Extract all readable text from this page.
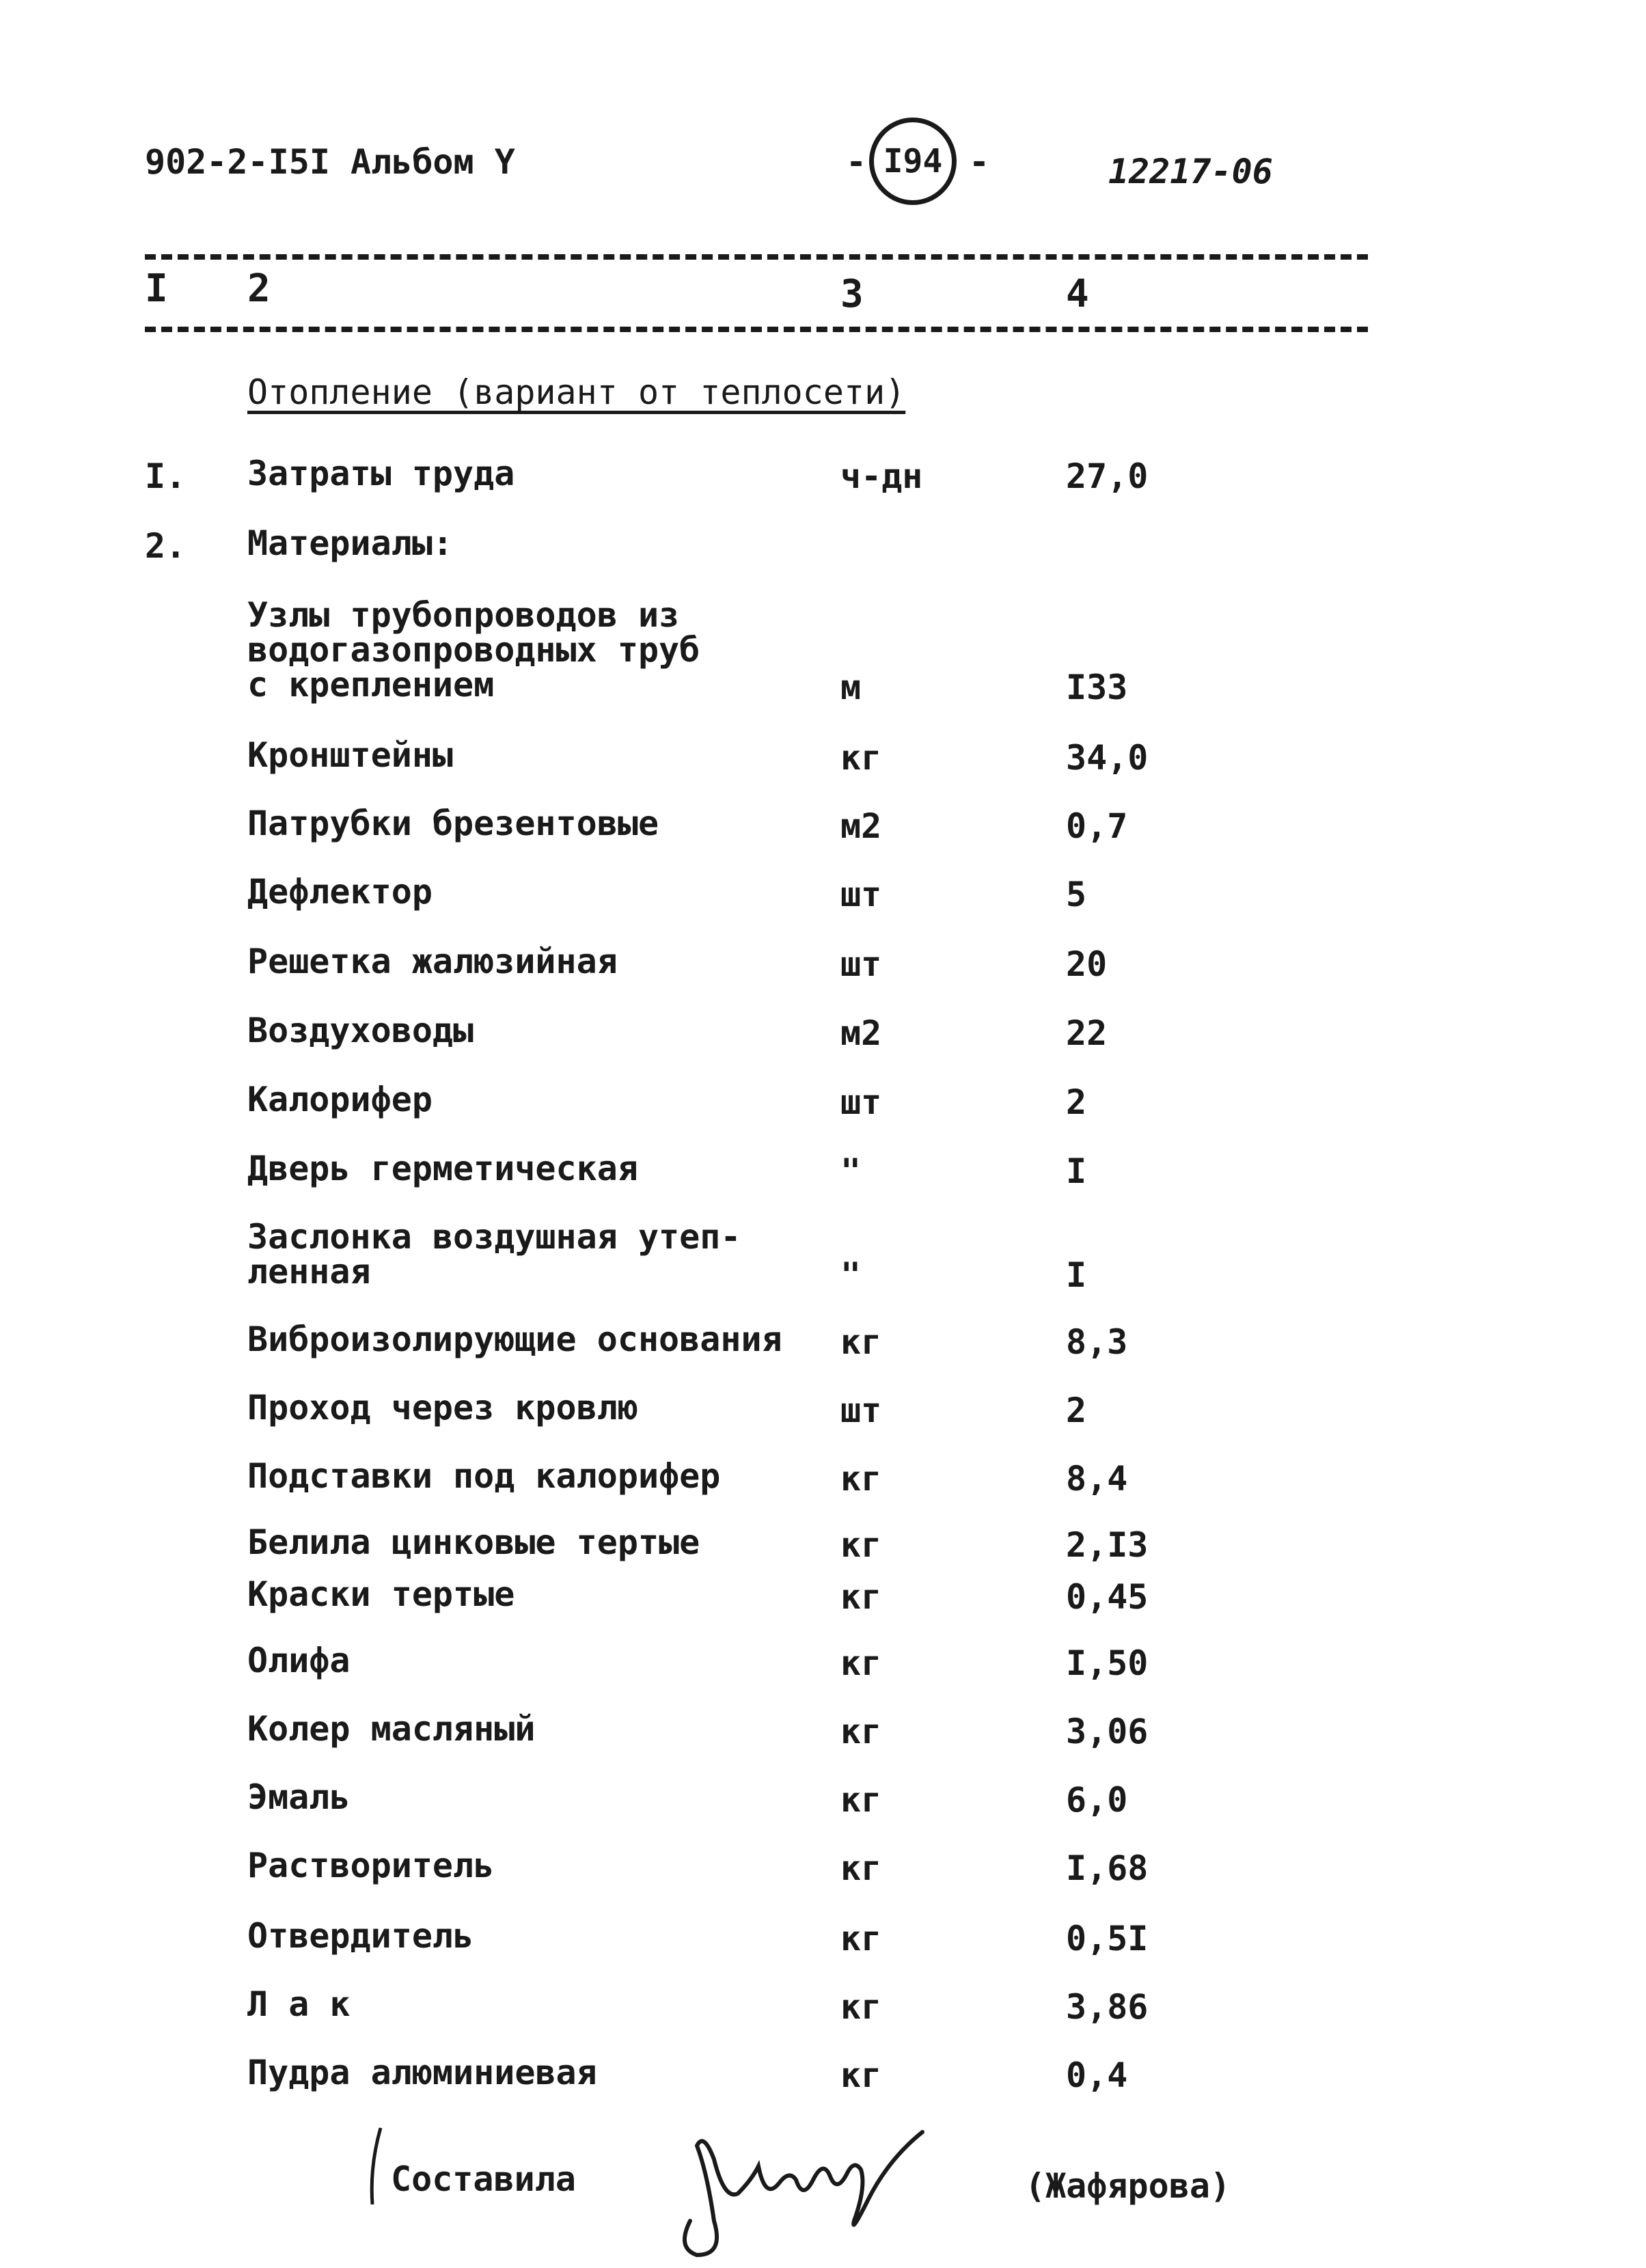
902-2-I5I Альбом Y	- I94 -	12217-06
I 2	3	4
Отопление (вариант от теплосети)
I. Затраты труда	ч-дн	27,0
2. Материалы:
Узлы трубопроводов из
водогазопроводных труб
с креплением	м	I33
Кронштейны	кг	34,0
Патрубки брезентовые	м2	0,7
Дефлектор	шт	5
Решетка жалюзийная	шт	20
Воздуховоды	м2	22
Калорифер	шт	2
Дверь герметическая	"	I
Заслонка воздушная утеп-
ленная	"	I
Виброизолирующие основания	кг	8,3
Проход через кровлю	шт	2
Подставки под калорифер	кг	8,4
Белила цинковые тертые	кг	2,I3
Краски тертые	кг	0,45
Олифа	кг	I,50
Колер масляный	кг	3,06
Эмаль	кг	6,0
Растворитель	кг	I,68
Отвердитель	кг	0,5I
Л а к	кг	3,86
Пудра алюминиевая	кг	0,4
Составила	(Жафярова)
